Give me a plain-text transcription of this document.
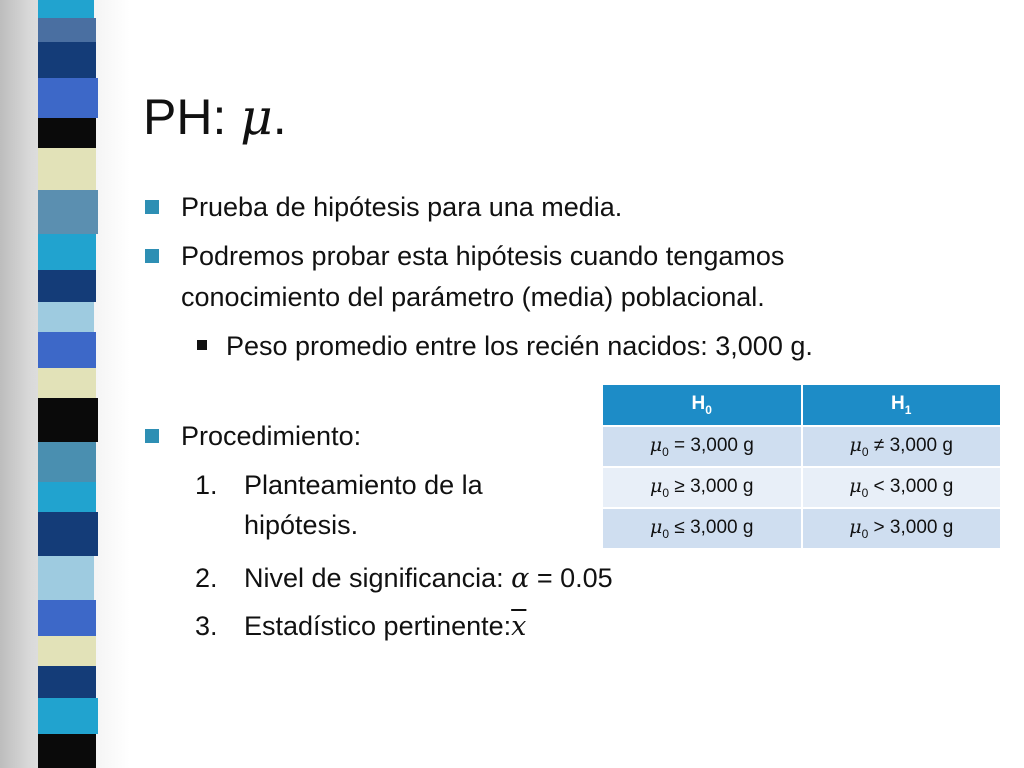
PH: μ.
Prueba de hipótesis para una media.
Podremos probar esta hipótesis cuando tengamos
conocimiento del parámetro (media) poblacional.
Peso promedio entre los recién nacidos: 3,000 g.
Procedimiento:
1. Planteamiento de la
hipótesis.
2. Nivel de significancia: α = 0.05
3. Estadístico $pertinente:\overline{x}$
$H_0$	$H_1$
$\mu_0 = 3,000$ g	$\mu_0 \ne 3,000$ g
$\mu_0 \ge 3,000$ g	$\mu_0 < 3,000$ g
$\mu_0 \le 3,000$ g	$\mu_0 > 3,000$ g
